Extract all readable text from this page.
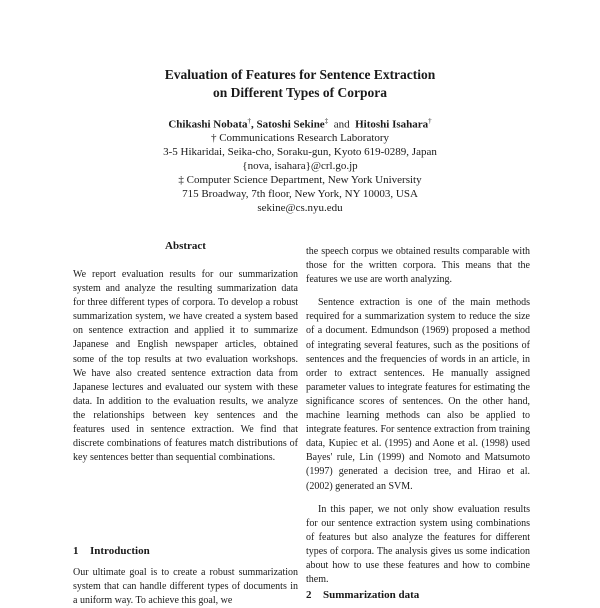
Evaluation of Features for Sentence Extraction
on Different Types of Corpora
Chikashi Nobata†, Satoshi Sekine‡ and Hitoshi Isahara†
† Communications Research Laboratory
3-5 Hikaridai, Seika-cho, Soraku-gun, Kyoto 619-0289, Japan
{nova, isahara}@crl.go.jp
‡ Computer Science Department, New York University
715 Broadway, 7th floor, New York, NY 10003, USA
sekine@cs.nyu.edu
Abstract

We report evaluation results for our summarization system and analyze the resulting summarization data for three different types of corpora. To develop a robust summarization system, we have created a system based on sentence extraction and applied it to summarize Japanese and English newspaper articles, obtained some of the top results at two evaluation workshops. We have also created sentence extraction data from Japanese lectures and evaluated our system with these data. In addition to the evaluation results, we analyze the relationships between key sentences and the features used in sentence extraction. We find that discrete combinations of features match distributions of key sentences better than sequential combinations.

1 Introduction
Our ultimate goal is to create a robust summarization system that can handle different types of documents in a uniform way. To achieve this goal, we

the speech corpus we obtained results comparable with those for the written corpora. This means that the features we use are worth analyzing.

Sentence extraction is one of the main methods required for a summarization system to reduce the size of a document. Edmundson (1969) proposed a method of integrating several features, such as the positions of sentences and the frequencies of words in an article, in order to extract sentences. He manually assigned parameter values to integrate features for estimating the significance scores of sentences. On the other hand, machine learning methods can also be applied to integrate features. For sentence extraction from training data, Kupiec et al. (1995) and Aone et al. (1998) used Bayes' rule, Lin (1999) and Nomoto and Matsumoto (1997) generated a decision tree, and Hirao et al. (2002) generated an SVM.

In this paper, we not only show evaluation results for our sentence extraction system using combinations of features but also analyze the features for different types of corpora. The analysis gives us some indication about how to use these features and how to combine them.

2 Summarization data
